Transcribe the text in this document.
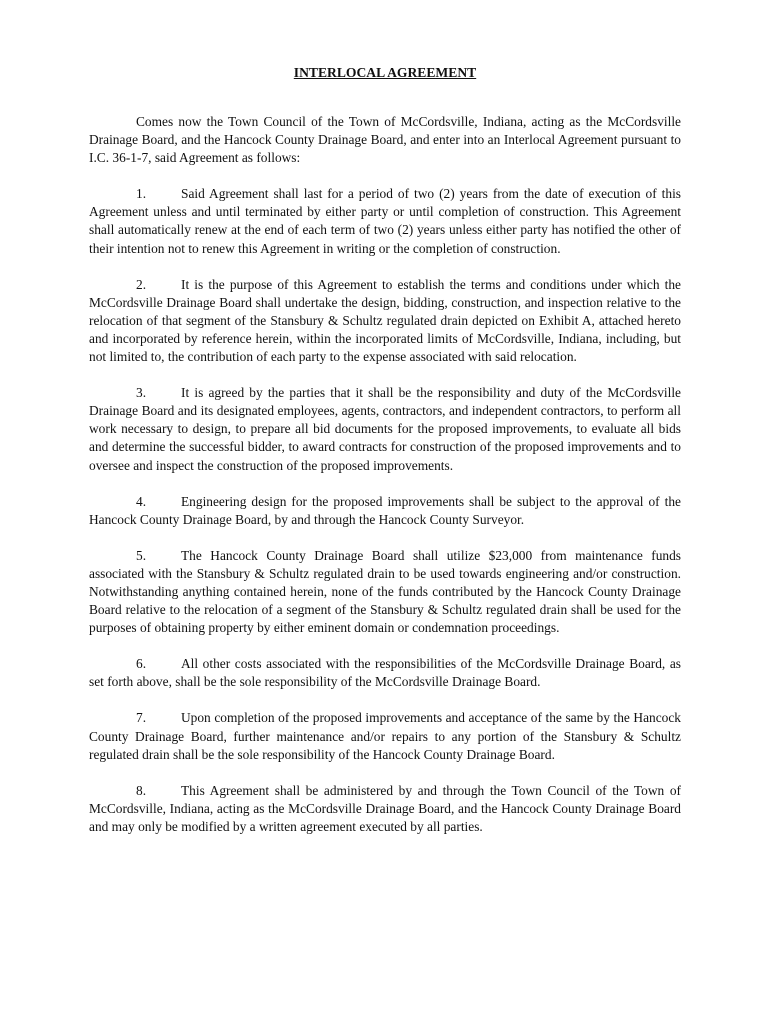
INTERLOCAL AGREEMENT

Comes now the Town Council of the Town of McCordsville, Indiana, acting as the McCordsville Drainage Board, and the Hancock County Drainage Board, and enter into an Interlocal Agreement pursuant to I.C. 36-1-7, said Agreement as follows:

1.	Said Agreement shall last for a period of two (2) years from the date of execution of this Agreement unless and until terminated by either party or until completion of construction. This Agreement shall automatically renew at the end of each term of two (2) years unless either party has notified the other of their intention not to renew this Agreement in writing or the completion of construction.

2.	It is the purpose of this Agreement to establish the terms and conditions under which the McCordsville Drainage Board shall undertake the design, bidding, construction, and inspection relative to the relocation of that segment of the Stansbury & Schultz regulated drain depicted on Exhibit A, attached hereto and incorporated by reference herein, within the incorporated limits of McCordsville, Indiana, including, but not limited to, the contribution of each party to the expense associated with said relocation.

3.	It is agreed by the parties that it shall be the responsibility and duty of the McCordsville Drainage Board and its designated employees, agents, contractors, and independent contractors, to perform all work necessary to design, to prepare all bid documents for the proposed improvements, to evaluate all bids and determine the successful bidder, to award contracts for construction of the proposed improvements and to oversee and inspect the construction of the proposed improvements.

4.	Engineering design for the proposed improvements shall be subject to the approval of the Hancock County Drainage Board, by and through the Hancock County Surveyor.

5.	The Hancock County Drainage Board shall utilize $23,000 from maintenance funds associated with the Stansbury & Schultz regulated drain to be used towards engineering and/or construction. Notwithstanding anything contained herein, none of the funds contributed by the Hancock County Drainage Board relative to the relocation of a segment of the Stansbury & Schultz regulated drain shall be used for the purposes of obtaining property by either eminent domain or condemnation proceedings.

6.	All other costs associated with the responsibilities of the McCordsville Drainage Board, as set forth above, shall be the sole responsibility of the McCordsville Drainage Board.

7.	Upon completion of the proposed improvements and acceptance of the same by the Hancock County Drainage Board, further maintenance and/or repairs to any portion of the Stansbury & Schultz regulated drain shall be the sole responsibility of the Hancock County Drainage Board.

8.	This Agreement shall be administered by and through the Town Council of the Town of McCordsville, Indiana, acting as the McCordsville Drainage Board, and the Hancock County Drainage Board and may only be modified by a written agreement executed by all parties.
